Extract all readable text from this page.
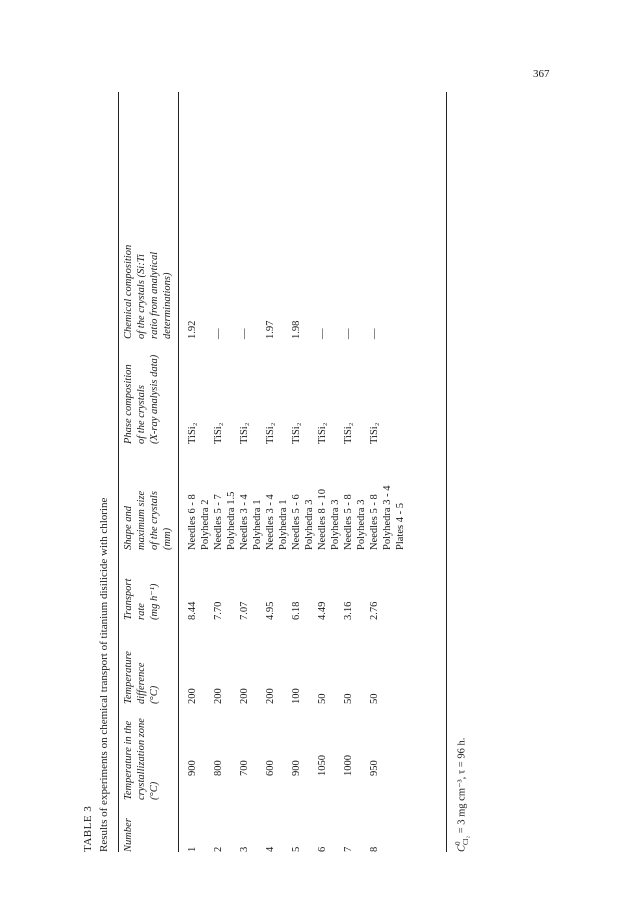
367
TABLE 3 Results of experiments on chemical transport of titanium disilicide with chlorine Number
Temperature in the crystallization zone (°C)
Temperature difference (°C)
Transport rate (mg h⁻¹)
Shape and maximum size of the crystals (mm)
Phase composition of the crystals (X-ray analysis data)
Chemical composition of the crystals (Si:Ti ratio from analytical determinations)
1
900
200
8.44
Needles 6 - 8 Polyhedra 2
TiSi₂
1.92
2
800
200
7.70
Needles 5 - 7 Polyhedra 1.5
TiSi₂
—
3
700
200
7.07
Needles 3 - 4 Polyhedra 1
TiSi₂
—
4
600
200
4.95
Needles 3 - 4 Polyhedra 1
TiSi₂
1.97
5
900
100
6.18
Needles 5 - 6 Polyhedra 3
TiSi₂
1.98
6
1050
50
4.49
Needles 8 - 10 Polyhedra 3
TiSi₂
—
7
1000
50
3.16
Needles 5 - 8 Polyhedra 3
TiSi₂
—
8
950
50
2.76
Needles 5 - 8 Polyhedra 3 - 4 Plates 4 - 5
TiSi₂
—
C
0 Cl₂
= 3 mg cm⁻³, τ = 96 h.
